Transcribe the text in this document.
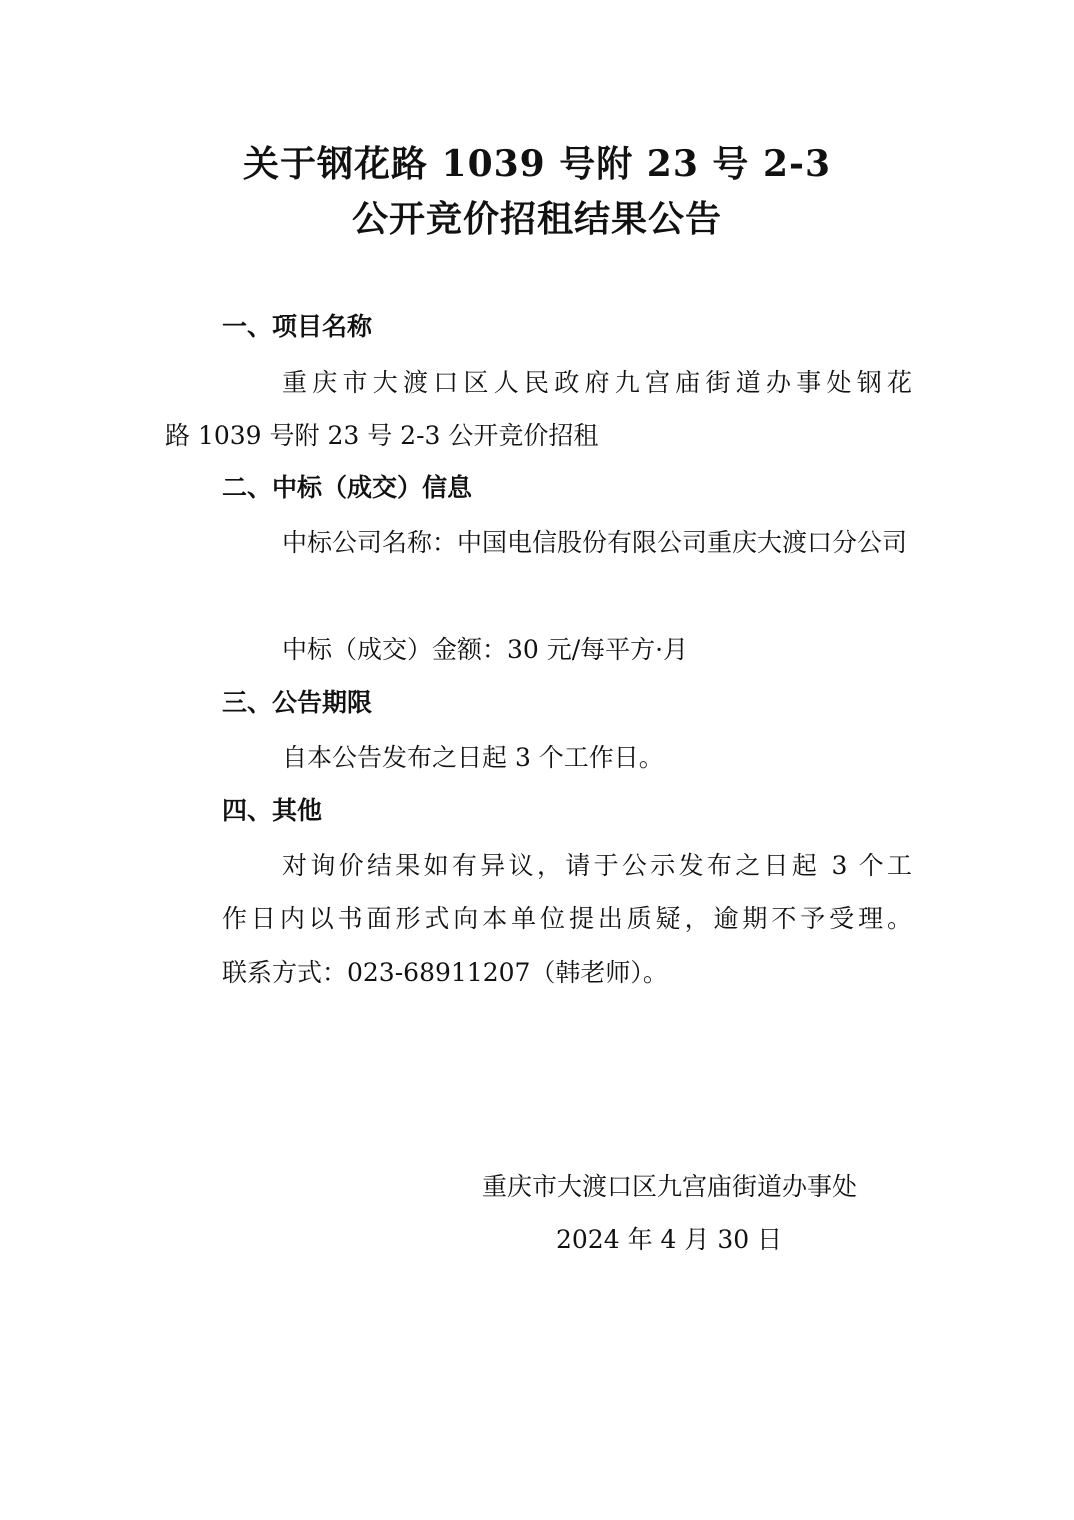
关于钢花路 1039 号附 23 号 2-3
公开竞价招租结果公告
一、项目名称
重庆市大渡口区人民政府九宫庙街道办事处钢花
路 1039 号附 23 号 2-3 公开竞价招租
二、中标（成交）信息
中标公司名称：中国电信股份有限公司重庆大渡口分公司
中标（成交）金额：30 元/每平方·月
三、公告期限
自本公告发布之日起 3 个工作日。
四、其他
对询价结果如有异议，请于公示发布之日起 3 个工
作日内以书面形式向本单位提出质疑，逾期不予受理。
联系方式：023-68911207（韩老师）。
重庆市大渡口区九宫庙街道办事处
2024 年 4 月 30 日
